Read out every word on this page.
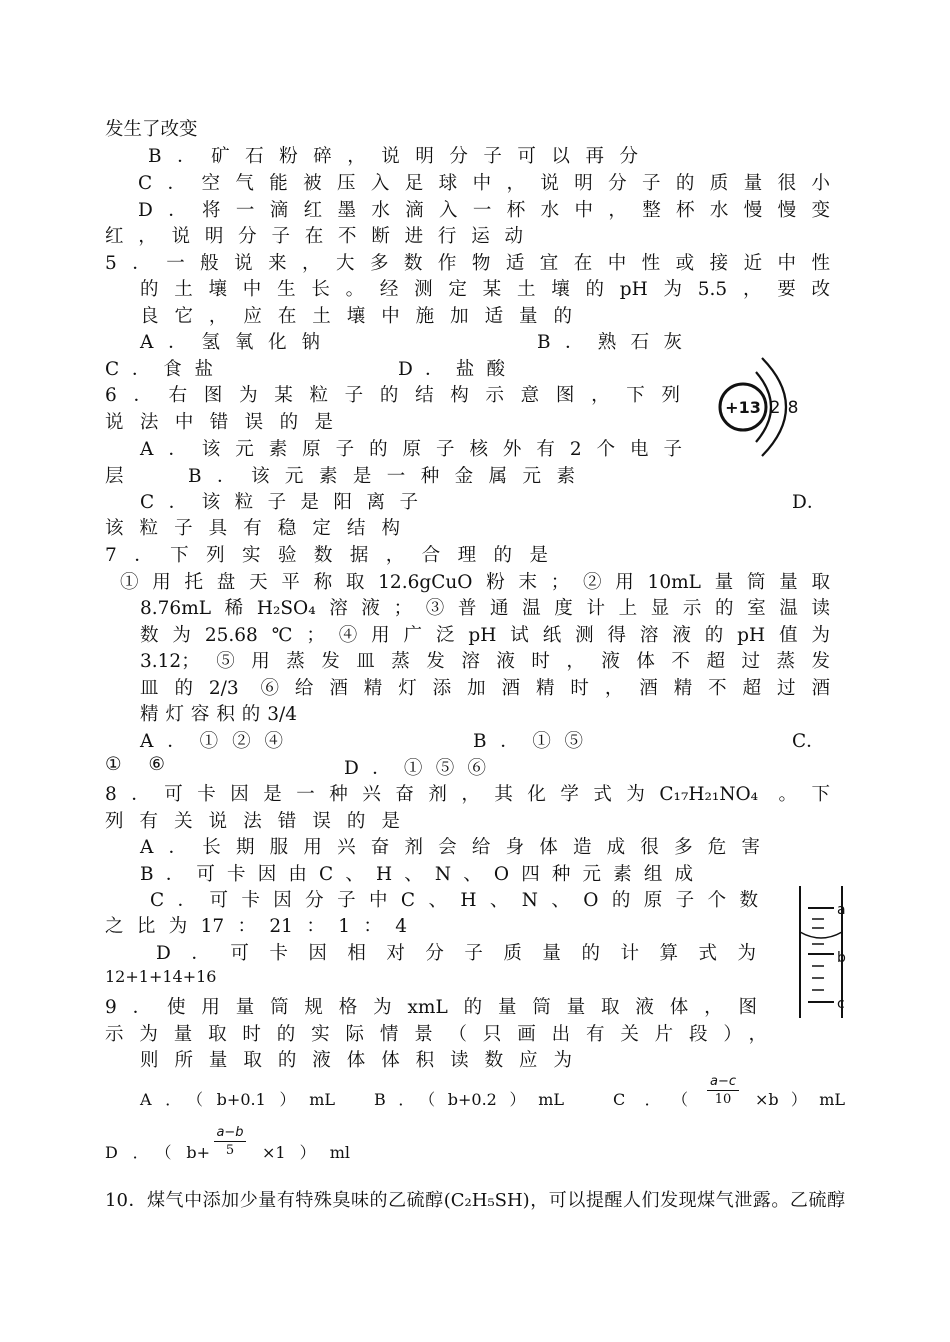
发生了改变
B．矿石粉碎，说明分子可以再分
C．空气能被压入足球中，说明分子的质量很小
D．将一滴红墨水滴入一杯水中，整杯水慢慢变
红，说明分子在不断进行运动
5．一般说来，大多数作物适宜在中性或接近中性
的土壤中生长。经测定某土壤的pH为5.5，要改
良它，应在土壤中施加适量的
A．氢氧化钠	B．熟石灰
C．食盐	D．盐酸
6．右图为某粒子的结构示意图，下列
说法中错误的是
A．该元素原子的原子核外有2个电子
层	B．该元素是一种金属元素
C．该粒子是阳离子	D．
该粒子具有稳定结构
7．下列实验数据，合理的是
①用托盘天平称取12.6gCuO粉末；②用10mL量筒量取
8.76mL稀H₂SO₄溶液；③普通温度计上显示的室温读
数为25.68℃；④用广泛pH试纸测得溶液的pH值为
3.12；⑤用蒸发皿蒸发溶液时，液体不超过蒸发
皿的2/3 ⑥给酒精灯添加酒精时，酒精不超过酒
精灯容积的3/4
A．①②④	B．①⑤	C．
①⑥	D．①⑤⑥
8．可卡因是一种兴奋剂，其化学式为C₁₇H₂₁NO₄ 。下
列有关说法错误的是
A．长期服用兴奋剂会给身体造成很多危害
B．可卡因由C、H、N、O四种元素组成
C．可卡因分子中C、H、N、O的原子个数
之比为17：21：1：4
D．可卡因相对分子质量的计算式为
12+1+14+16
9．使用量筒规格为xmL的量筒量取液体，图
示为量取时的实际情景（只画出有关片段），
则所量取的液体体积读数应为
A．（b+0.1）mL B．（b+0.2）mL	C．（
a−c
10	×b）mL
D．（b+
a−b
5	×1）ml
10．煤气中添加少量有特殊臭味的乙硫醇(C₂H₅SH)，可以提醒人们发现煤气泄露。乙硫醇
+13 2 8
a
b
c
